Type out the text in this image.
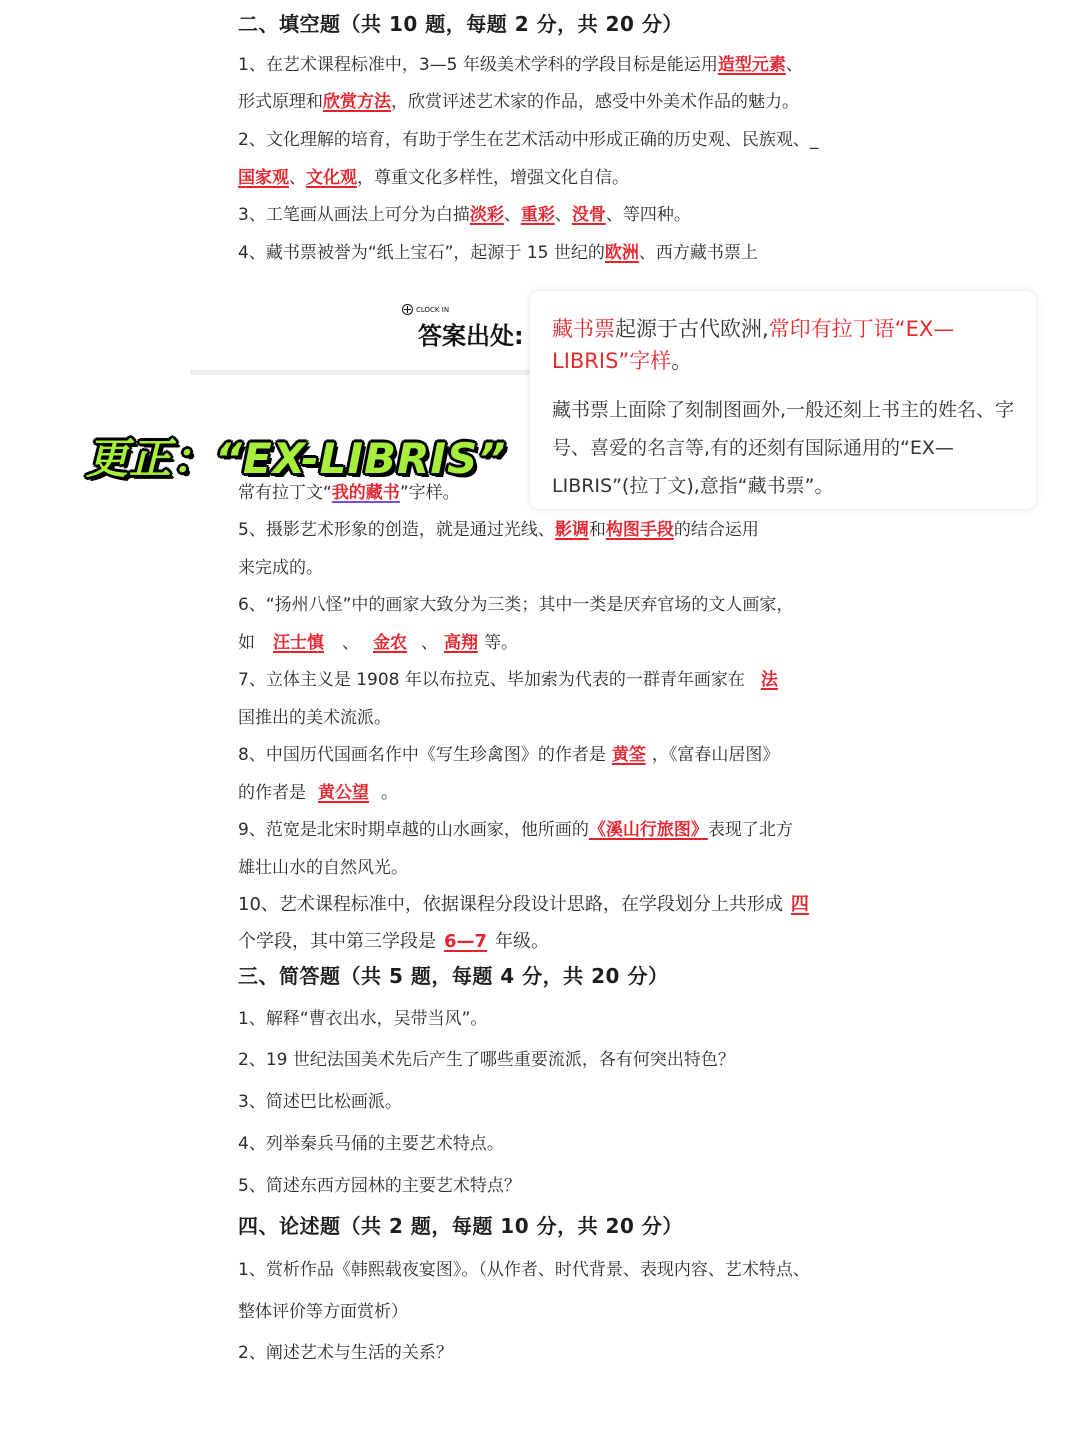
二、填空题（共 10 题，每题 2 分，共 20 分）
1、在艺术课程标准中，3—5 年级美术学科的学段目标是能运用造型元素、
形式原理和欣赏方法，欣赏评述艺术家的作品，感受中外美术作品的魅力。
2、文化理解的培育，有助于学生在艺术活动中形成正确的历史观、民族观、_
国家观、文化观，尊重文化多样性，增强文化自信。
3、工笔画从画法上可分为白描淡彩、重彩、没骨、等四种。
4、藏书票被誉为“纸上宝石”，起源于 15 世纪的欧洲、西方藏书票上
CLOCK IN
答案出处: 藏书票起源于古代欧洲,常印有拉丁语“EX—LIBRIS”字样。
藏书票上面除了刻制图画外,一般还刻上书主的姓名、字号、喜爱的名言等,有的还刻有国际通用的“EX—LIBRIS”(拉丁文),意指“藏书票”。
更正：“EX-LIBRIS”
常有拉丁文“我的藏书”字样。
5、摄影艺术形象的创造，就是通过光线、影调和构图手段的结合运用
来完成的。
6、“扬州八怪”中的画家大致分为三类；其中一类是厌弃官场的文人画家，
如 汪士慎 、 金农 、 高翔 等。
7、立体主义是 1908 年以布拉克、毕加索为代表的一群青年画家在 法
国推出的美术流派。
8、中国历代国画名作中《写生珍禽图》的作者是 黄筌 ，《富春山居图》
的作者是 黄公望 。
9、范宽是北宋时期卓越的山水画家，他所画的《溪山行旅图》表现了北方
雄壮山水的自然风光。
10、艺术课程标准中，依据课程分段设计思路，在学段划分上共形成 四
个学段，其中第三学段是 6—7 年级。
三、简答题（共 5 题，每题 4 分，共 20 分）
1、解释“曹衣出水，吴带当风”。
2、19 世纪法国美术先后产生了哪些重要流派，各有何突出特色？
3、简述巴比松画派。
4、列举秦兵马俑的主要艺术特点。
5、简述东西方园林的主要艺术特点？
四、论述题（共 2 题，每题 10 分，共 20 分）
1、赏析作品《韩熙载夜宴图》。（从作者、时代背景、表现内容、艺术特点、
整体评价等方面赏析）
2、阐述艺术与生活的关系？
